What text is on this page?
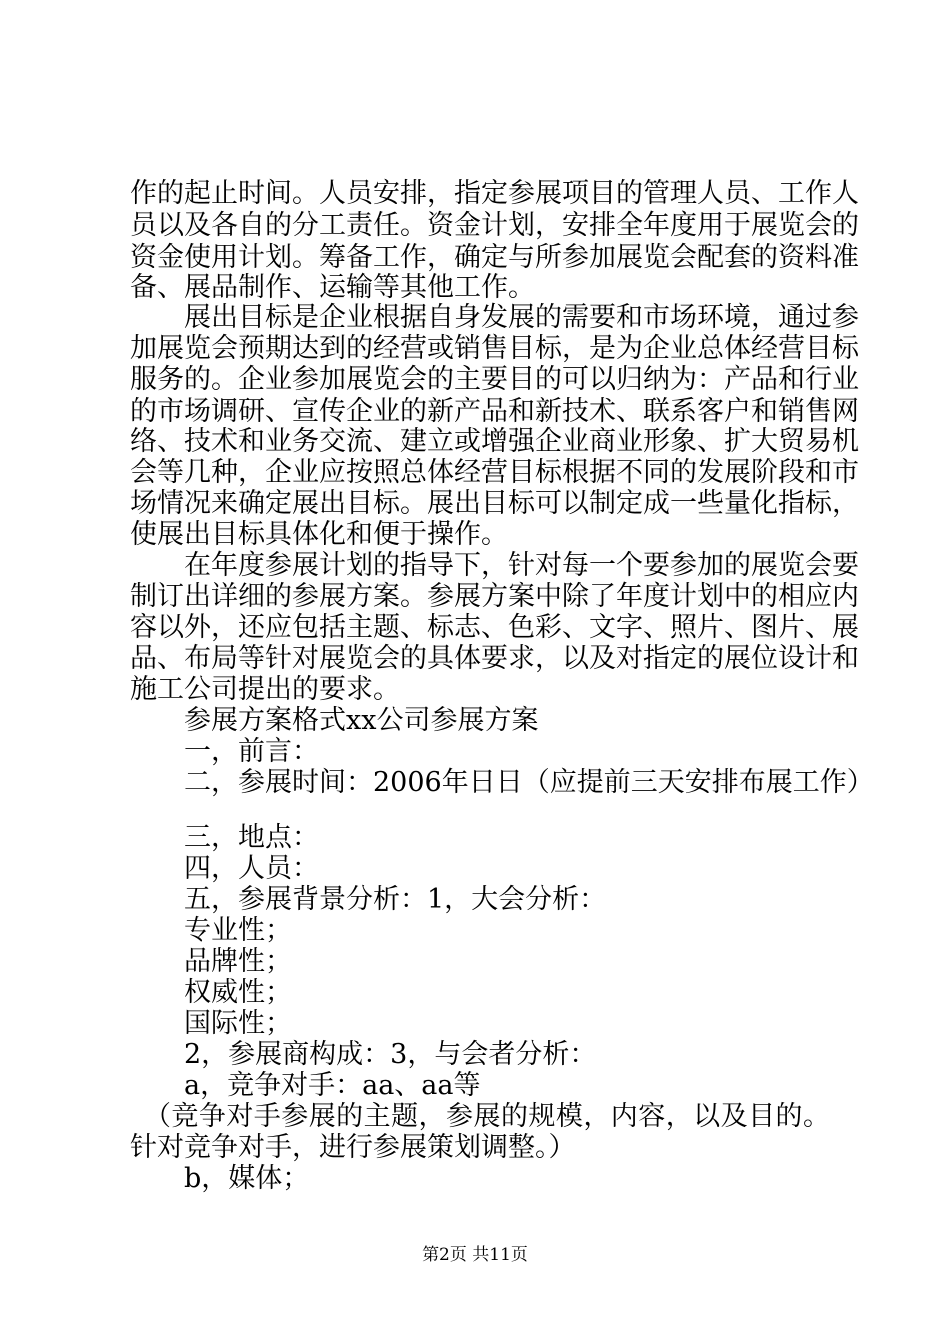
作的起止时间。人员安排，指定参展项目的管理人员、工作人
员以及各自的分工责任。资金计划，安排全年度用于展览会的
资金使用计划。筹备工作，确定与所参加展览会配套的资料准
备、展品制作、运输等其他工作。
　　展出目标是企业根据自身发展的需要和市场环境，通过参
加展览会预期达到的经营或销售目标，是为企业总体经营目标
服务的。企业参加展览会的主要目的可以归纳为：产品和行业
的市场调研、宣传企业的新产品和新技术、联系客户和销售网
络、技术和业务交流、建立或增强企业商业形象、扩大贸易机
会等几种，企业应按照总体经营目标根据不同的发展阶段和市
场情况来确定展出目标。展出目标可以制定成一些量化指标，
使展出目标具体化和便于操作。
　　在年度参展计划的指导下，针对每一个要参加的展览会要
制订出详细的参展方案。参展方案中除了年度计划中的相应内
容以外，还应包括主题、标志、色彩、文字、照片、图片、展
品、布局等针对展览会的具体要求，以及对指定的展位设计和
施工公司提出的要求。
　　参展方案格式xx公司参展方案
　　一，前言：
　　二，参展时间：2006年日日（应提前三天安排布展工作）
　　三，地点：
　　四，人员：
　　五，参展背景分析：1，大会分析：
　　专业性；
　　品牌性；
　　权威性；
　　国际性；
　　2，参展商构成：3，与会者分析：
　　a，竞争对手：aa、aa等
　（竞争对手参展的主题，参展的规模，内容，以及目的。
针对竞争对手，进行参展策划调整。）
　　b，媒体；
第2页 共11页
